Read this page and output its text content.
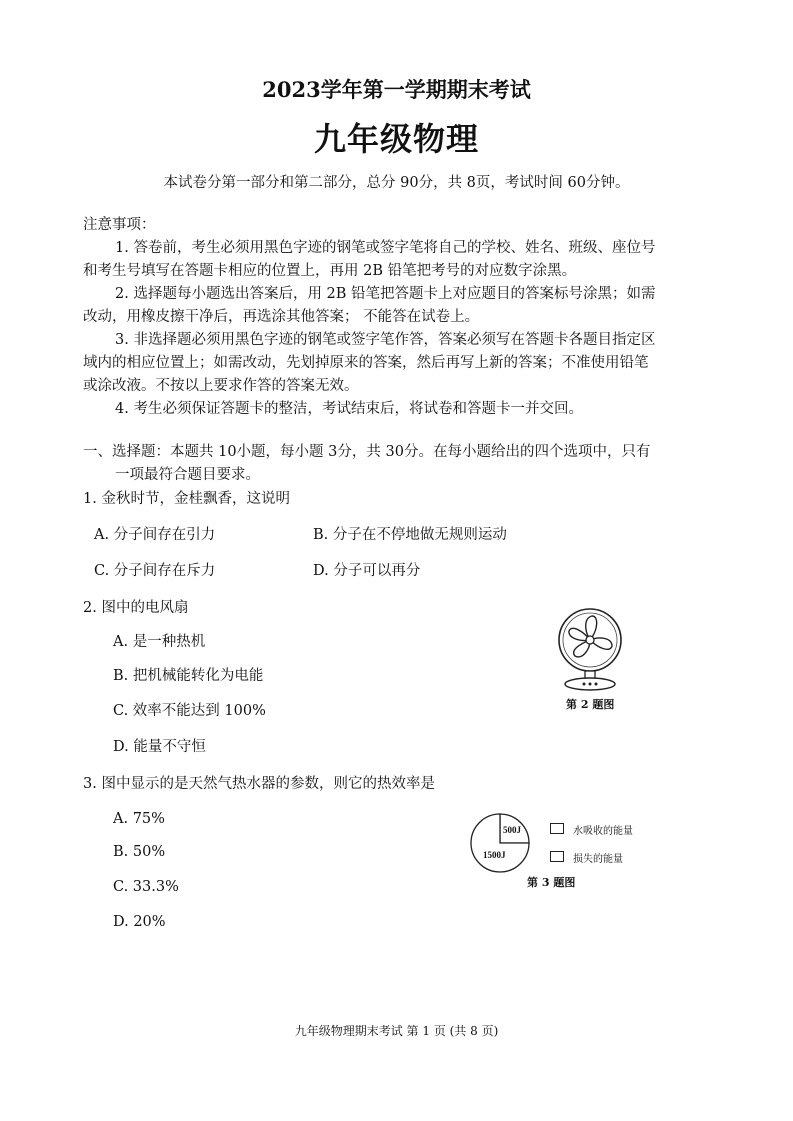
2023学年第一学期期末考试
九年级物理
本试卷分第一部分和第二部分，总分 90分，共 8页，考试时间 60分钟。
注意事项：
1. 答卷前，考生必须用黑色字迹的钢笔或签字笔将自己的学校、姓名、班级、座位号
和考生号填写在答题卡相应的位置上，再用 2B 铅笔把考号的对应数字涂黑。
2. 选择题每小题选出答案后，用 2B 铅笔把答题卡上对应题目的答案标号涂黑；如需
改动，用橡皮擦干净后，再选涂其他答案； 不能答在试卷上。
3. 非选择题必须用黑色字迹的钢笔或签字笔作答，答案必须写在答题卡各题目指定区
域内的相应位置上；如需改动，先划掉原来的答案，然后再写上新的答案；不准使用铅笔
或涂改液。不按以上要求作答的答案无效。
4. 考生必须保证答题卡的整洁，考试结束后，将试卷和答题卡一并交回。
一、选择题：本题共 10小题，每小题 3分，共 30分。在每小题给出的四个选项中，只有
一项最符合题目要求。
1. 金秋时节，金桂飘香，这说明
A. 分子间存在引力	B. 分子在不停地做无规则运动
C. 分子间存在斥力	D. 分子可以再分
2. 图中的电风扇
A. 是一种热机
B. 把机械能转化为电能
C. 效率不能达到 100%
D. 能量不守恒
第 2 题图
3. 图中显示的是天然气热水器的参数，则它的热效率是
A. 75%
B. 50%
C. 33.3%
D. 20%
1500J
500J	水吸收的能量
损失的能量
第 3 题图
九年级物理期末考试 第 1 页 (共 8 页)
